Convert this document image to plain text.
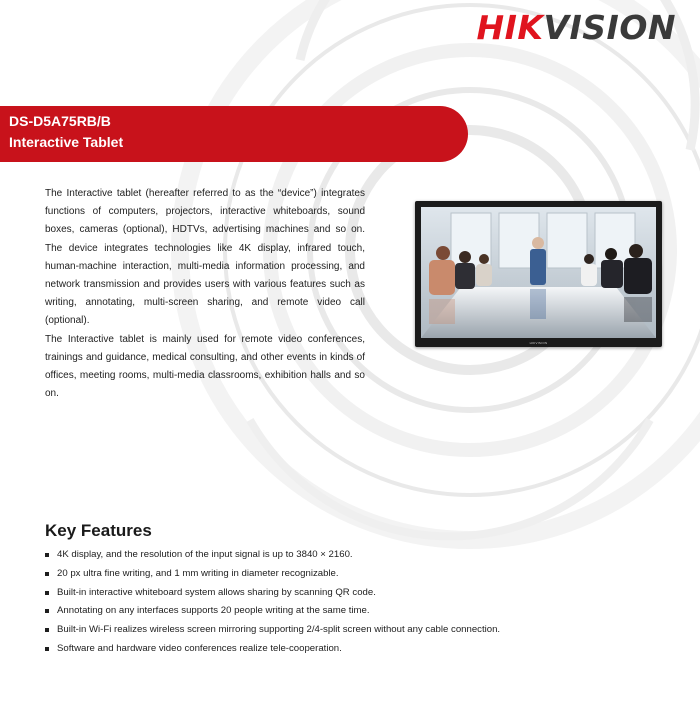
HIKVISION
DS-D5A75RB/B
Interactive Tablet

The Interactive tablet (hereafter referred to as the “device”) integrates functions of computers, projectors, interactive whiteboards, sound boxes, cameras (optional), HDTVs, advertising machines and so on. The device integrates technologies like 4K display, infrared touch, human-machine interaction, multi-media information processing, and network transmission and provides users with various features such as writing, annotating, multi-screen sharing, and remote video call (optional).

The Interactive tablet is mainly used for remote video conferences, trainings and guidance, medical consulting, and other events in kinds of offices, meeting rooms, multi-media classrooms, exhibition halls and so on.

HIKVISION
Key Features
4K display, and the resolution of the input signal is up to 3840 × 2160.
20 px ultra fine writing, and 1 mm writing in diameter recognizable.
Built-in interactive whiteboard system allows sharing by scanning QR code.
Annotating on any interfaces supports 20 people writing at the same time.
Built-in Wi-Fi realizes wireless screen mirroring supporting 2/4-split screen without any cable connection.
Software and hardware video conferences realize tele-cooperation.
